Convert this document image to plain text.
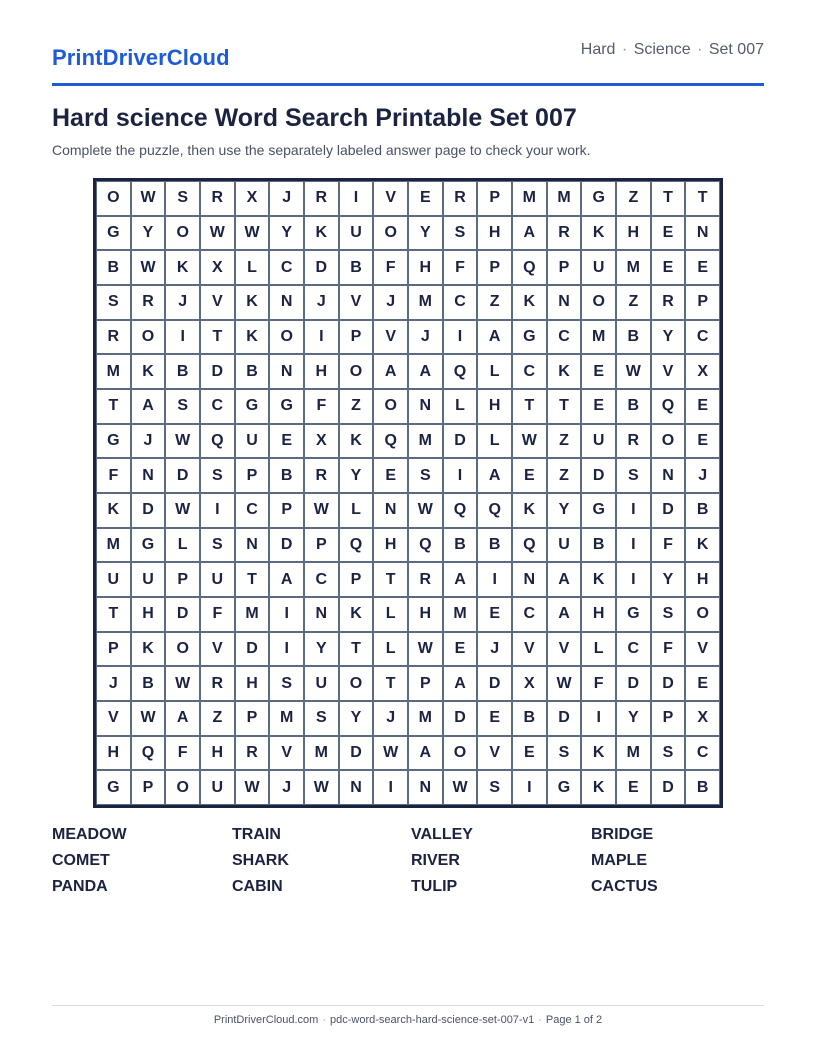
PrintDriverCloud	Hard · Science · Set 007
Hard science Word Search Printable Set 007

Complete the puzzle, then use the separately labeled answer page to check your work.

O	W	S	R	X	J	R	I	V	E	R	P	M	M	G	Z	T	T
G	Y	O	W	W	Y	K	U	O	Y	S	H	A	R	K	H	E	N
B	W	K	X	L	C	D	B	F	H	F	P	Q	P	U	M	E	E
S	R	J	V	K	N	J	V	J	M	C	Z	K	N	O	Z	R	P
R	O	I	T	K	O	I	P	V	J	I	A	G	C	M	B	Y	C
M	K	B	D	B	N	H	O	A	A	Q	L	C	K	E	W	V	X
T	A	S	C	G	G	F	Z	O	N	L	H	T	T	E	B	Q	E
G	J	W	Q	U	E	X	K	Q	M	D	L	W	Z	U	R	O	E
F	N	D	S	P	B	R	Y	E	S	I	A	E	Z	D	S	N	J
K	D	W	I	C	P	W	L	N	W	Q	Q	K	Y	G	I	D	B
M	G	L	S	N	D	P	Q	H	Q	B	B	Q	U	B	I	F	K
U	U	P	U	T	A	C	P	T	R	A	I	N	A	K	I	Y	H
T	H	D	F	M	I	N	K	L	H	M	E	C	A	H	G	S	O
P	K	O	V	D	I	Y	T	L	W	E	J	V	V	L	C	F	V
J	B	W	R	H	S	U	O	T	P	A	D	X	W	F	D	D	E
V	W	A	Z	P	M	S	Y	J	M	D	E	B	D	I	Y	P	X
H	Q	F	H	R	V	M	D	W	A	O	V	E	S	K	M	S	C
G	P	O	U	W	J	W	N	I	N	W	S	I	G	K	E	D	B
MEADOW	TRAIN	VALLEY	BRIDGE
COMET	SHARK	RIVER	MAPLE
PANDA	CABIN	TULIP	CACTUS
PrintDriverCloud.com · pdc-word-search-hard-science-set-007-v1 · Page 1 of 2
